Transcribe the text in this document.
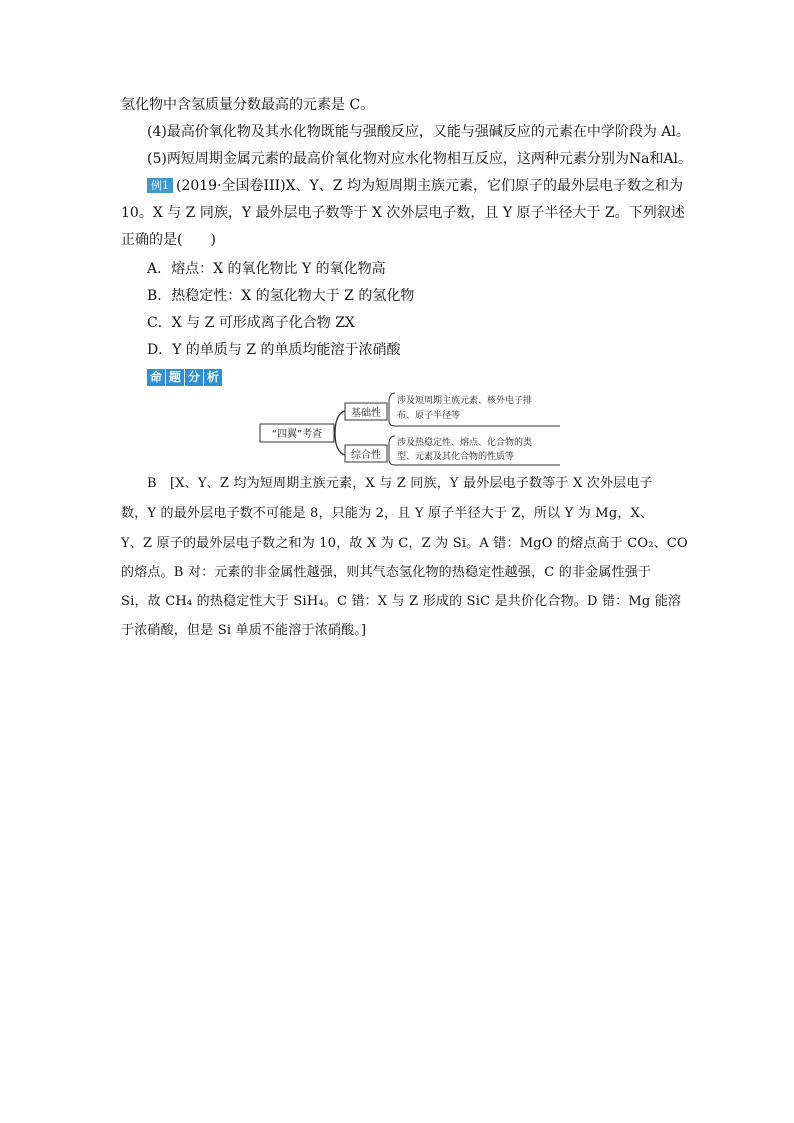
氢化物中含氢质量分数最高的元素是 C。
(4)最高价氧化物及其水化物既能与强酸反应，又能与强碱反应的元素在中学阶段为 Al。
(5)两短周期金属元素的最高价氧化物对应水化物相互反应，这两种元素分别为Na和Al。
例1 (2019·全国卷III)X、Y、Z 均为短周期主族元素，它们原子的最外层电子数之和为
10。X 与 Z 同族，Y 最外层电子数等于 X 次外层电子数，且 Y 原子半径大于 Z。下列叙述
正确的是(　　)
A．熔点：X 的氧化物比 Y 的氧化物高
B．热稳定性：X 的氢化物大于 Z 的氢化物
C．X 与 Z 可形成离子化合物 ZX
D．Y 的单质与 Z 的单质均能溶于浓硝酸
命 题 分 析
“四翼”考查
基础性
综合性
涉及短周期主族元素、核外电子排
布、原子半径等
涉及热稳定性、熔点、化合物的类
型、元素及其化合物的性质等
B　[X、Y、Z 均为短周期主族元素，X 与 Z 同族，Y 最外层电子数等于 X 次外层电子
数，Y 的最外层电子数不可能是 8，只能为 2，且 Y 原子半径大于 Z，所以 Y 为 Mg，X、
Y、Z 原子的最外层电子数之和为 10，故 X 为 C，Z 为 Si。A 错：MgO 的熔点高于 CO₂、CO
的熔点。B 对：元素的非金属性越强，则其气态氢化物的热稳定性越强，C 的非金属性强于
Si，故 CH₄ 的热稳定性大于 SiH₄。C 错：X 与 Z 形成的 SiC 是共价化合物。D 错：Mg 能溶
于浓硝酸，但是 Si 单质不能溶于浓硝酸。]
